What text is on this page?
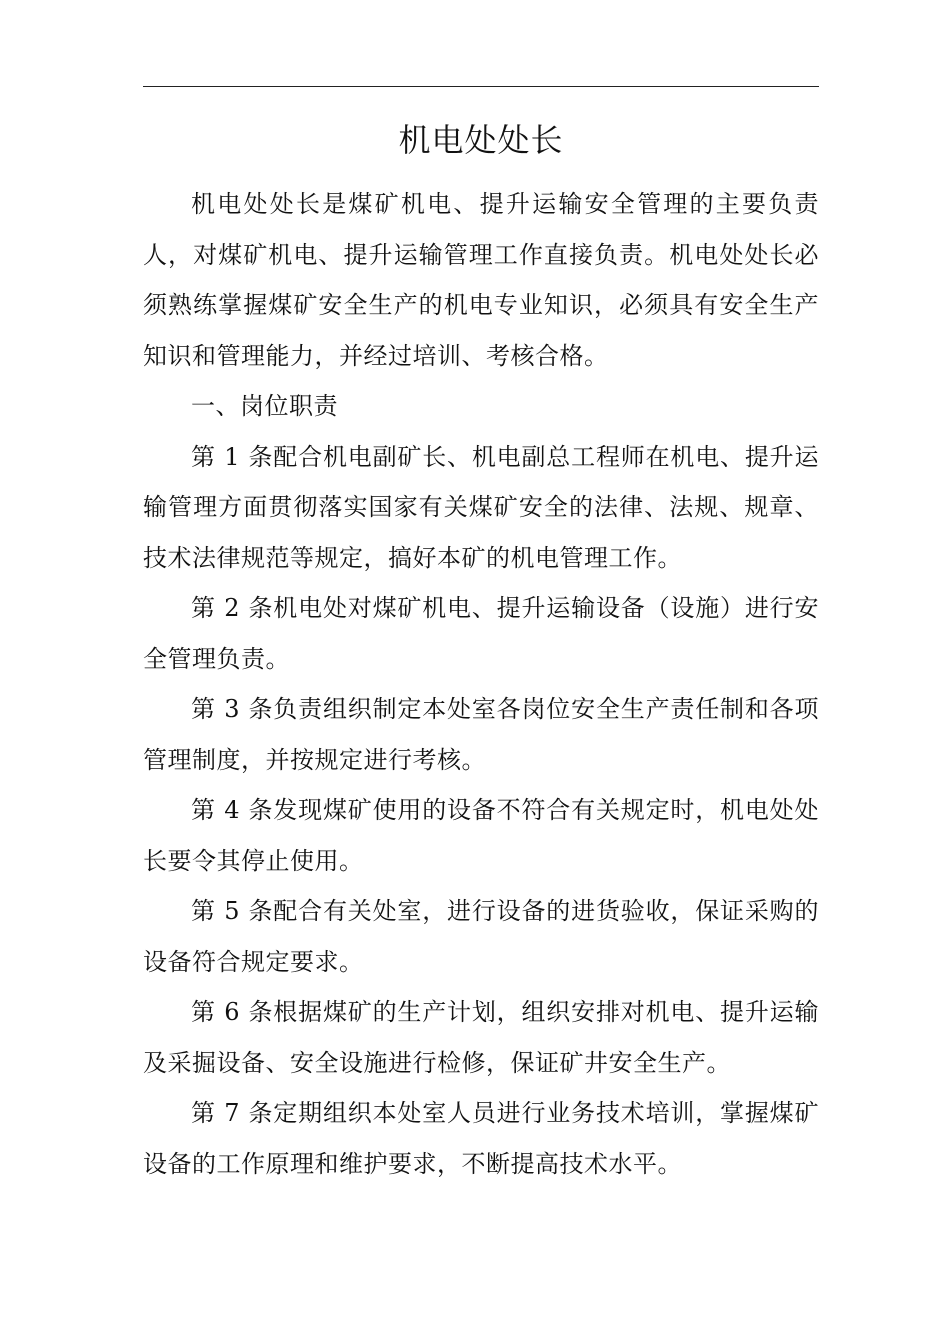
机电处处长

机电处处长是煤矿机电、提升运输安全管理的主要负责人，对煤矿机电、提升运输管理工作直接负责。机电处处长必须熟练掌握煤矿安全生产的机电专业知识，必须具有安全生产知识和管理能力，并经过培训、考核合格。

一、岗位职责

第 1 条配合机电副矿长、机电副总工程师在机电、提升运输管理方面贯彻落实国家有关煤矿安全的法律、法规、规章、技术法律规范等规定，搞好本矿的机电管理工作。

第 2 条机电处对煤矿机电、提升运输设备（设施）进行安全管理负责。

第 3 条负责组织制定本处室各岗位安全生产责任制和各项管理制度，并按规定进行考核。

第 4 条发现煤矿使用的设备不符合有关规定时，机电处处长要令其停止使用。

第 5 条配合有关处室，进行设备的进货验收，保证采购的设备符合规定要求。

第 6 条根据煤矿的生产计划，组织安排对机电、提升运输及采掘设备、安全设施进行检修，保证矿井安全生产。

第 7 条定期组织本处室人员进行业务技术培训，掌握煤矿设备的工作原理和维护要求，不断提高技术水平。
